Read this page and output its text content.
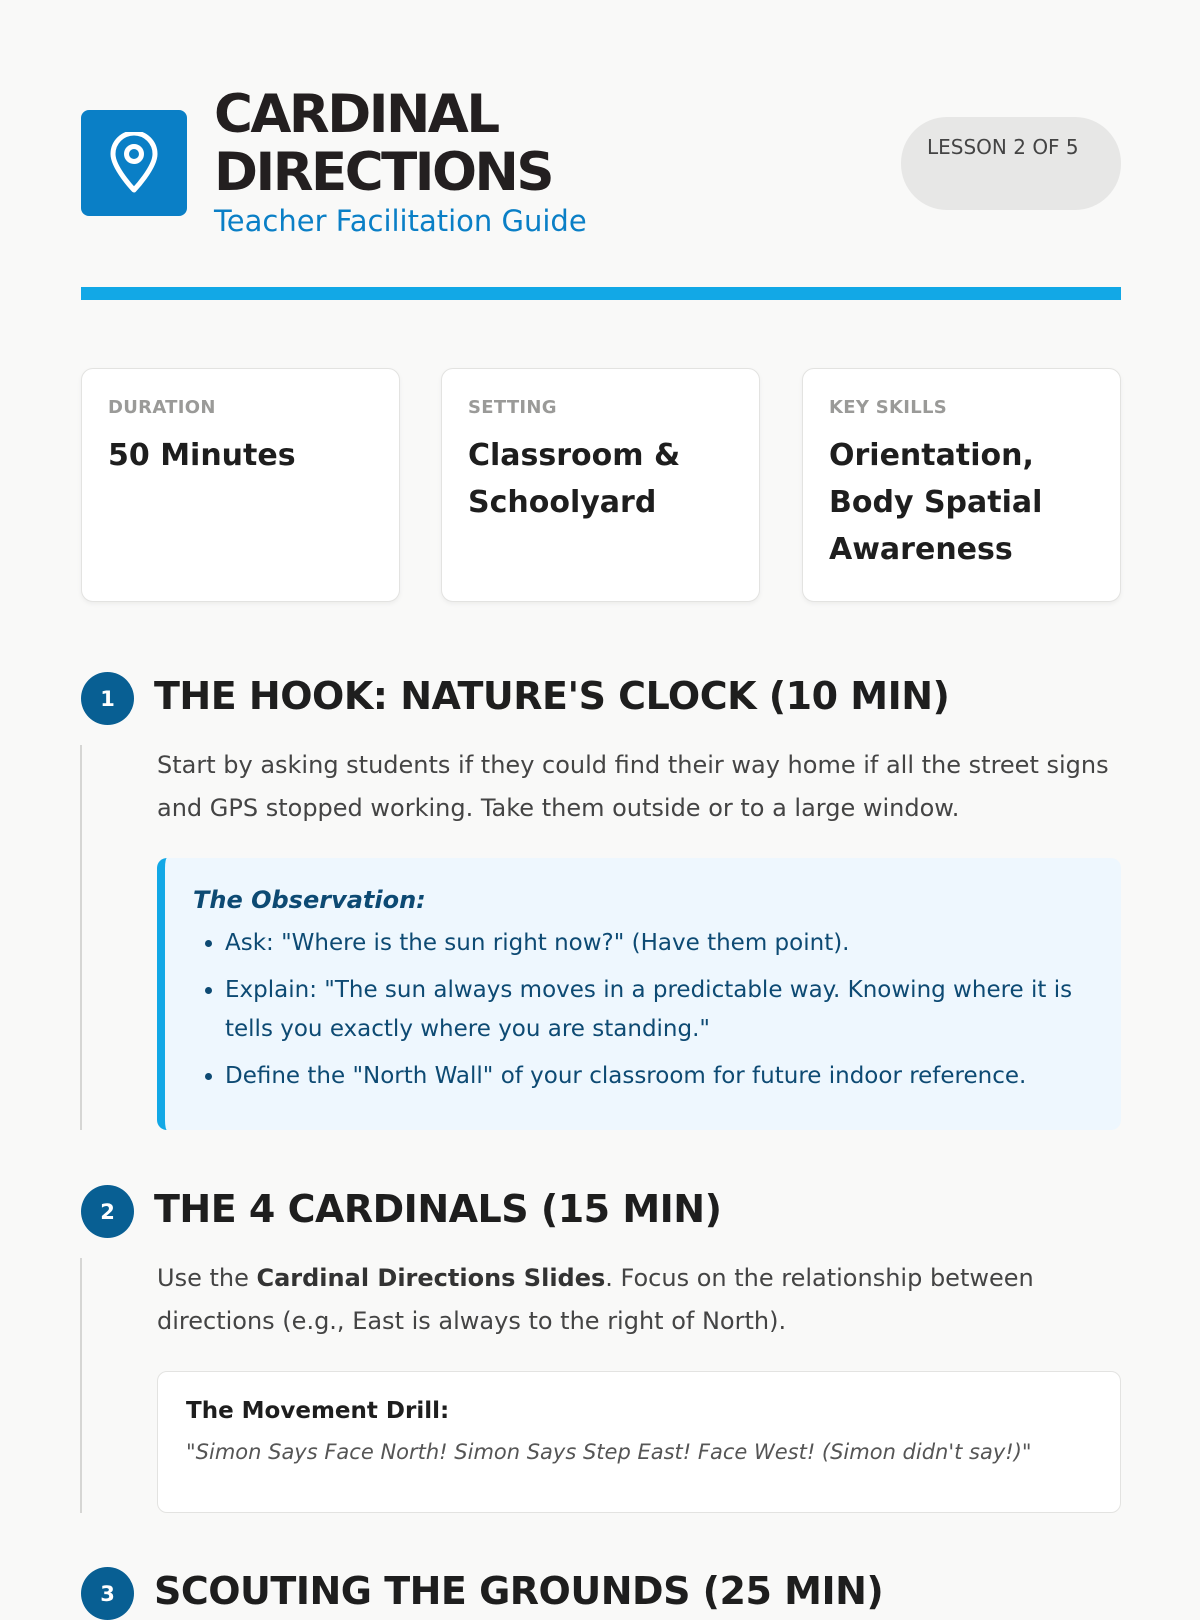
CARDINAL
DIRECTIONS
Teacher Facilitation Guide
LESSON 2 OF 5
DURATION
50 Minutes
SETTING
Classroom & Schoolyard
KEY SKILLS
Orientation, Body Spatial Awareness
1	THE HOOK: NATURE'S CLOCK (10 MIN)

Start by asking students if they could find their way home if all the street signs and GPS stopped working. Take them outside or to a large window.

The Observation:
• Ask: "Where is the sun right now?" (Have them point).
• Explain: "The sun always moves in a predictable way. Knowing where it is tells you exactly where you are standing."
• Define the "North Wall" of your classroom for future indoor reference.
2	THE 4 CARDINALS (15 MIN)

Use the Cardinal Directions Slides. Focus on the relationship between directions (e.g., East is always to the right of North).

The Movement Drill:
"Simon Says Face North! Simon Says Step East! Face West! (Simon didn't say!)"
3	SCOUTING THE GROUNDS (25 MIN)
